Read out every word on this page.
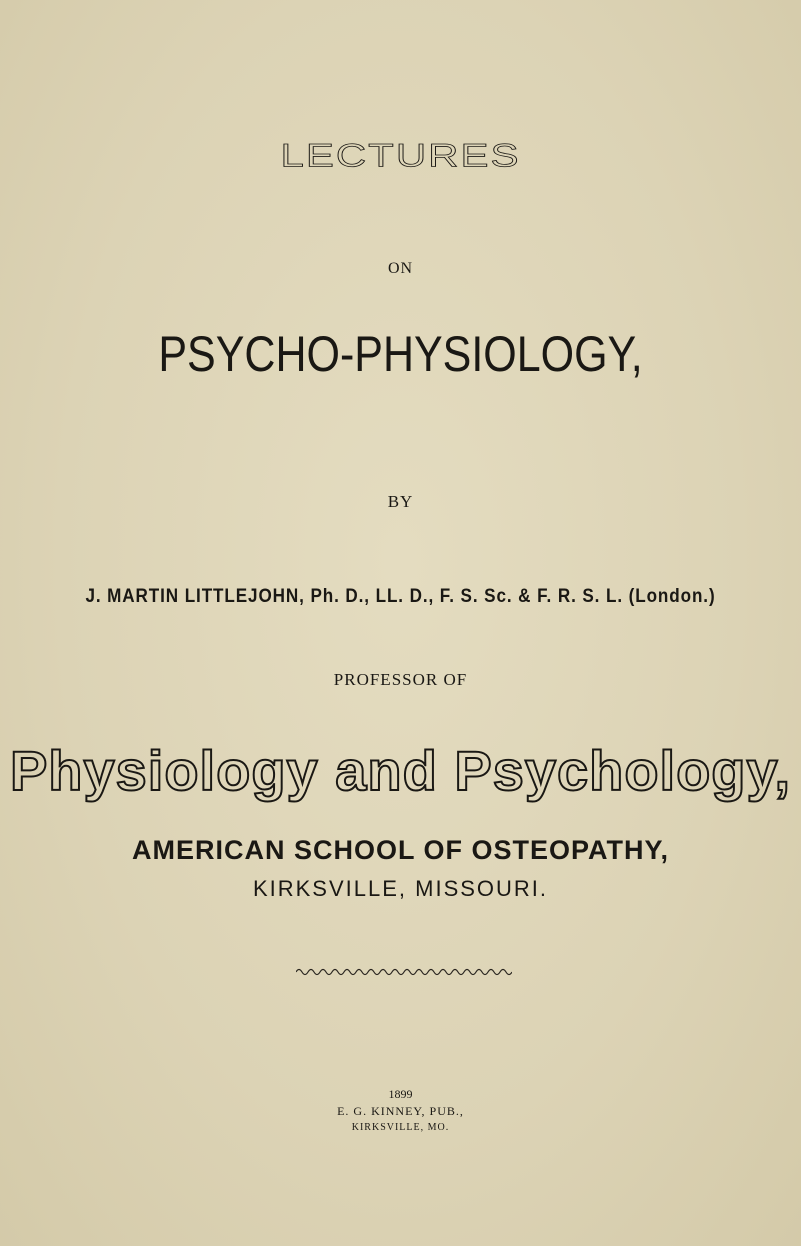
LECTURES
ON
PSYCHO-PHYSIOLOGY,
BY
J. MARTIN LITTLEJOHN, Ph. D., LL. D., F. S. Sc. & F. R. S. L. (London.)
PROFESSOR OF
Physiology and Psychology,
AMERICAN SCHOOL OF OSTEOPATHY,
KIRKSVILLE, MISSOURI.
1899
E. G. KINNEY, PUB.,
KIRKSVILLE, MO.
